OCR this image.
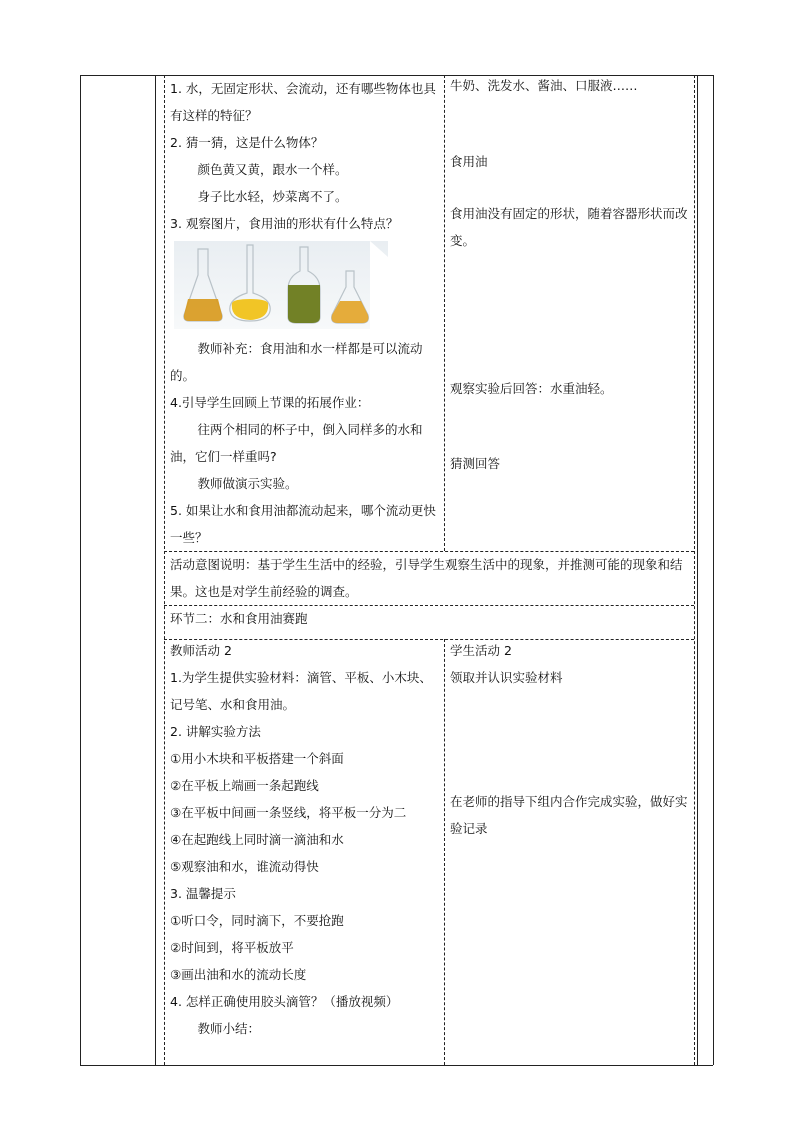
1. 水，无固定形状、会流动，还有哪些物体也具有这样的特征？

2. 猜一猜，这是什么物体？

颜色黄又黄，跟水一个样。

身子比水轻，炒菜离不了。

3. 观察图片，食用油的形状有什么特点？

教师补充：食用油和水一样都是可以流动的。

4.引导学生回顾上节课的拓展作业：

往两个相同的杯子中，倒入同样多的水和油，它们一样重吗?

教师做演示实验。

5. 如果让水和食用油都流动起来，哪个流动更快一些？

牛奶、洗发水、酱油、口服液……

食用油

食用油没有固定的形状，随着容器形状而改变。

观察实验后回答：水重油轻。

猜测回答

活动意图说明：基于学生生活中的经验，引导学生观察生活中的现象，并推测可能的现象和结果。这也是对学生前经验的调查。

环节二：水和食用油赛跑

教师活动 2

1.为学生提供实验材料：滴管、平板、小木块、记号笔、水和食用油。

2. 讲解实验方法

①用小木块和平板搭建一个斜面

②在平板上端画一条起跑线

③在平板中间画一条竖线，将平板一分为二

④在起跑线上同时滴一滴油和水

⑤观察油和水，谁流动得快

3. 温馨提示

①听口令，同时滴下，不要抢跑

②时间到，将平板放平

③画出油和水的流动长度

4. 怎样正确使用胶头滴管？（播放视频）

教师小结：

学生活动 2

领取并认识实验材料

在老师的指导下组内合作完成实验，做好实验记录
